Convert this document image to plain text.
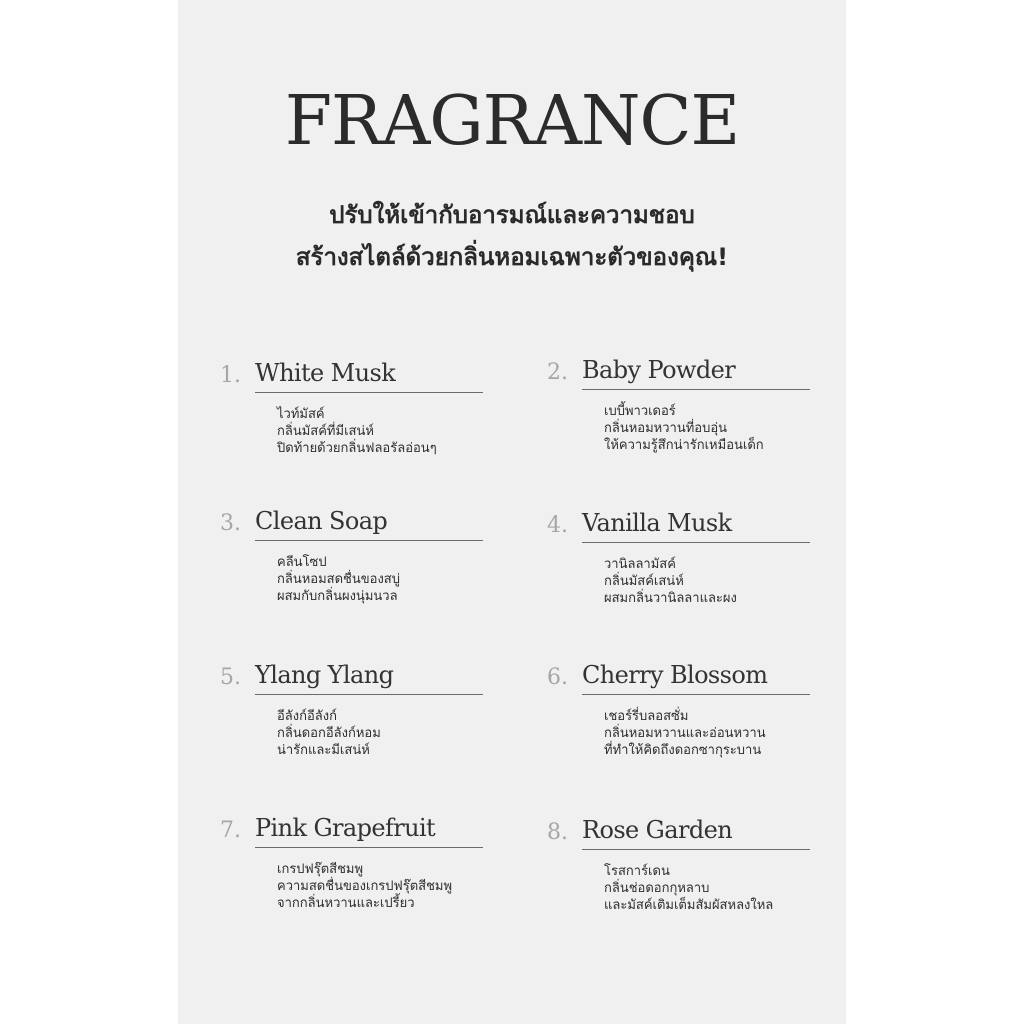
FRAGRANCE
ปรับให้เข้ากับอารมณ์และความชอบ
สร้างสไตล์ด้วยกลิ่นหอมเฉพาะตัวของคุณ!
1. White Musk
ไวท์มัสค์
กลิ่นมัสค์ที่มีเสน่ห์
ปิดท้ายด้วยกลิ่นฟลอรัลอ่อนๆ
2. Baby Powder
เบบี้พาวเดอร์
กลิ่นหอมหวานที่อบอุ่น
ให้ความรู้สึกน่ารักเหมือนเด็ก
3. Clean Soap
คลีนโซป
กลิ่นหอมสดชื่นของสบู่
ผสมกับกลิ่นผงนุ่มนวล
4. Vanilla Musk
วานิลลามัสค์
กลิ่นมัสค์เสน่ห์
ผสมกลิ่นวานิลลาและผง
5. Ylang Ylang
อีลังก์อีลังก์
กลิ่นดอกอีลังก์หอม
น่ารักและมีเสน่ห์
6. Cherry Blossom
เชอร์รี่บลอสซั่ม
กลิ่นหอมหวานและอ่อนหวาน
ที่ทำให้คิดถึงดอกซากุระบาน
7. Pink Grapefruit
เกรปฟรุ๊ตสีชมพู
ความสดชื่นของเกรปฟรุ๊ตสีชมพู
จากกลิ่นหวานและเปรี้ยว
8. Rose Garden
โรสการ์เดน
กลิ่นช่อดอกกุหลาบ
และมัสค์เติมเต็มสัมผัสหลงใหล
